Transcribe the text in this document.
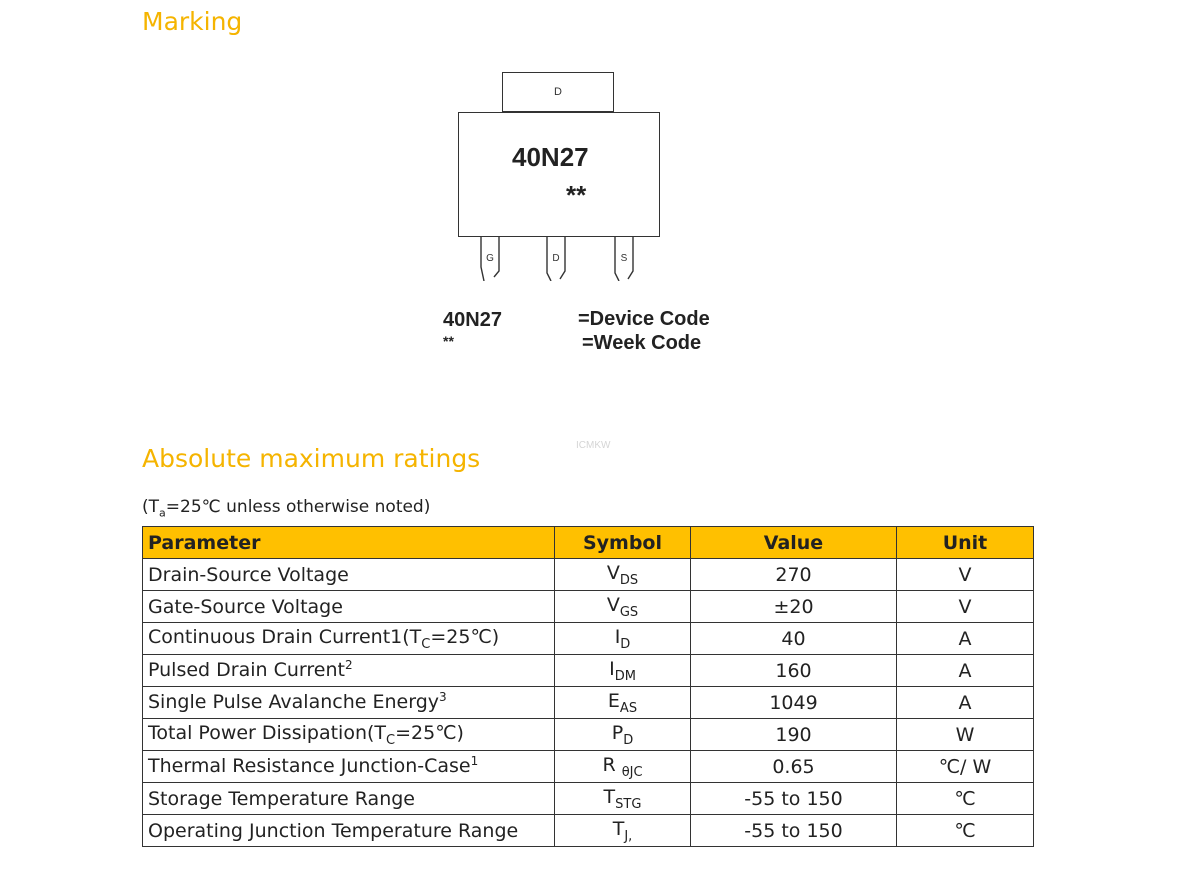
Marking
D
40N27
**
G	D	S
40N27
**
=Device Code
=Week Code
ICMKW
Absolute maximum ratings
($T_a=25℃$ unless otherwise noted)
Parameter	Symbol	Value	Unit
Drain-Source Voltage	$V_{DS}$	270	V
Gate-Source Voltage	$V_{GS}$	±20	V
Continuous Drain $Current1(T_C=25℃)$	$I_D$	40	A
Pulsed Drain Current$^2$	$I_{DM}$	160	A
Single Pulse Avalanche Energy$^3$	$E_{AS}$	1049	A
Total Power $Dissipation(T_C=25℃)$	$P_D$	190	W
Thermal Resistance Junction-Case$^1$	R $_{\theta JC}$	0.65	℃/ W
Storage Temperature Range	$T_{STG}$	-55 to 150	℃
Operating Junction Temperature Range	$T_{J,}$	-55 to 150	℃
